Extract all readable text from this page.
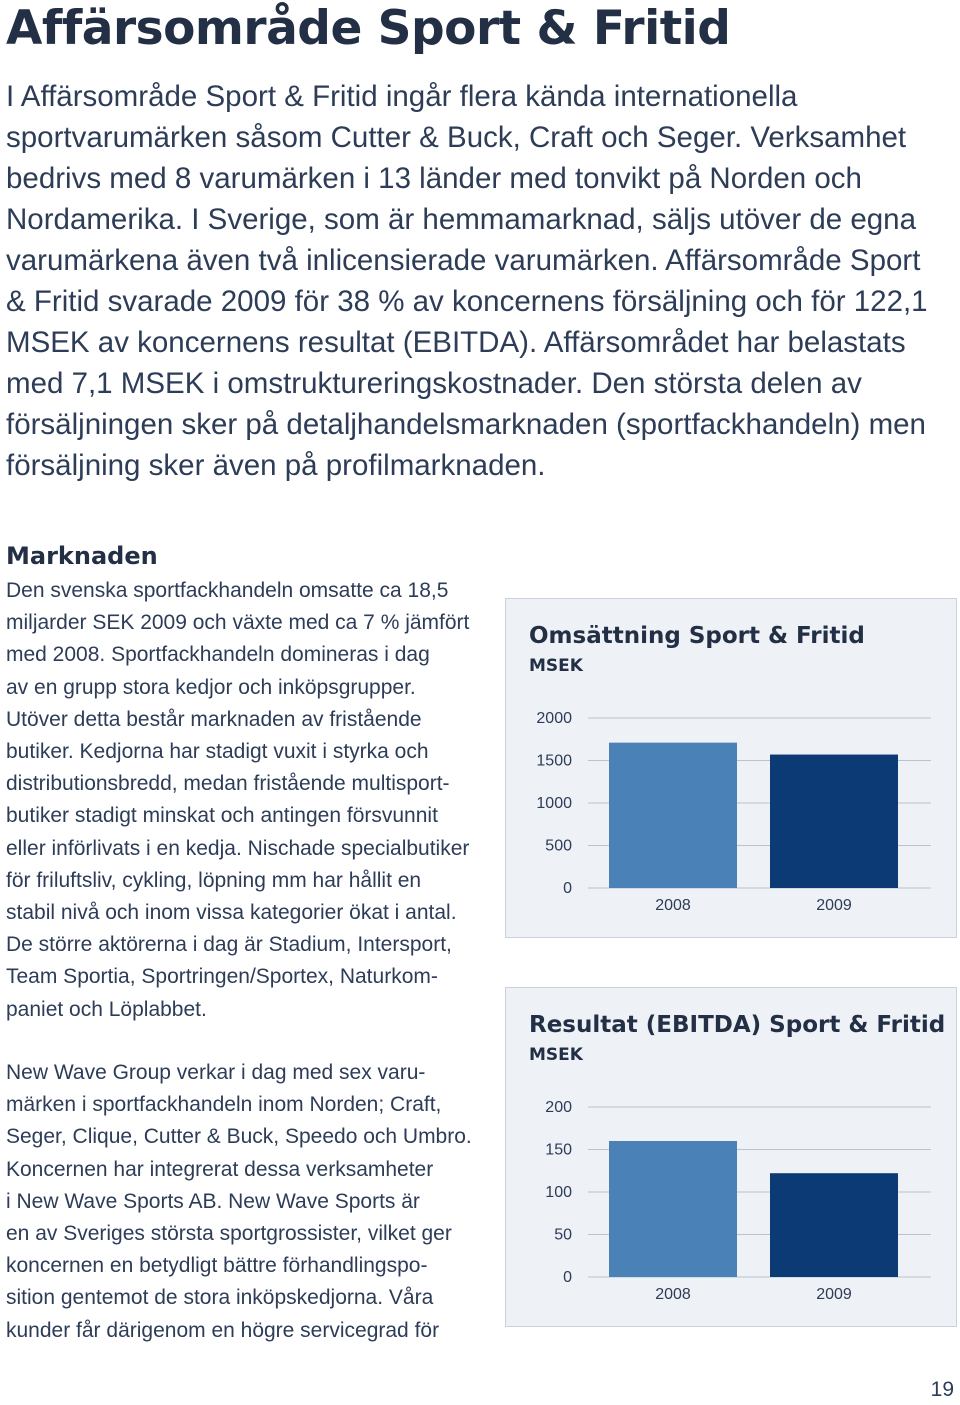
Affärsområde Sport & Fritid

I Affärsområde Sport & Fritid ingår flera kända internationella
sportvarumärken såsom Cutter & Buck, Craft och Seger. Verksamhet
bedrivs med 8 varumärken i 13 länder med tonvikt på Norden och
Nordamerika. I Sverige, som är hemmamarknad, säljs utöver de egna
varumärkena även två inlicensierade varumärken. Affärsområde Sport
& Fritid svarade 2009 för 38 % av koncernens försäljning och för 122,1
MSEK av koncernens resultat (EBITDA). Affärsområdet har belastats
med 7,1 MSEK i omstruktureringskostnader. Den största delen av
försäljningen sker på detaljhandelsmarknaden (sportfackhandeln) men
försäljning sker även på profilmarknaden.

Marknaden

Den svenska sportfackhandeln omsatte ca 18,5
miljarder SEK 2009 och växte med ca 7 % jämfört
med 2008. Sportfackhandeln domineras i dag
av en grupp stora kedjor och inköpsgrupper.
Utöver detta består marknaden av fristående
butiker. Kedjorna har stadigt vuxit i styrka och
distributionsbredd, medan fristående multisport-
butiker stadigt minskat och antingen försvunnit
eller införlivats i en kedja. Nischade specialbutiker
för friluftsliv, cykling, löpning mm har hållit en
stabil nivå och inom vissa kategorier ökat i antal.
De större aktörerna i dag är Stadium, Intersport,
Team Sportia, Sportringen/Sportex, Naturkom-
paniet och Löplabbet.

New Wave Group verkar i dag med sex varu-
märken i sportfackhandeln inom Norden; Craft,
Seger, Clique, Cutter & Buck, Speedo och Umbro.
Koncernen har integrerat dessa verksamheter
i New Wave Sports AB. New Wave Sports är
en av Sveriges största sportgrossister, vilket ger
koncernen en betydligt bättre förhandlingspo-
sition gentemot de stora inköpskedjorna. Våra
kunder får därigenom en högre servicegrad för

Omsättning Sport & Fritid
MSEK
0
500
1000
1500
2000
2008	2009
Resultat (EBITDA) Sport & Fritid
MSEK
0
50
100
150
200
2008	2009
19
